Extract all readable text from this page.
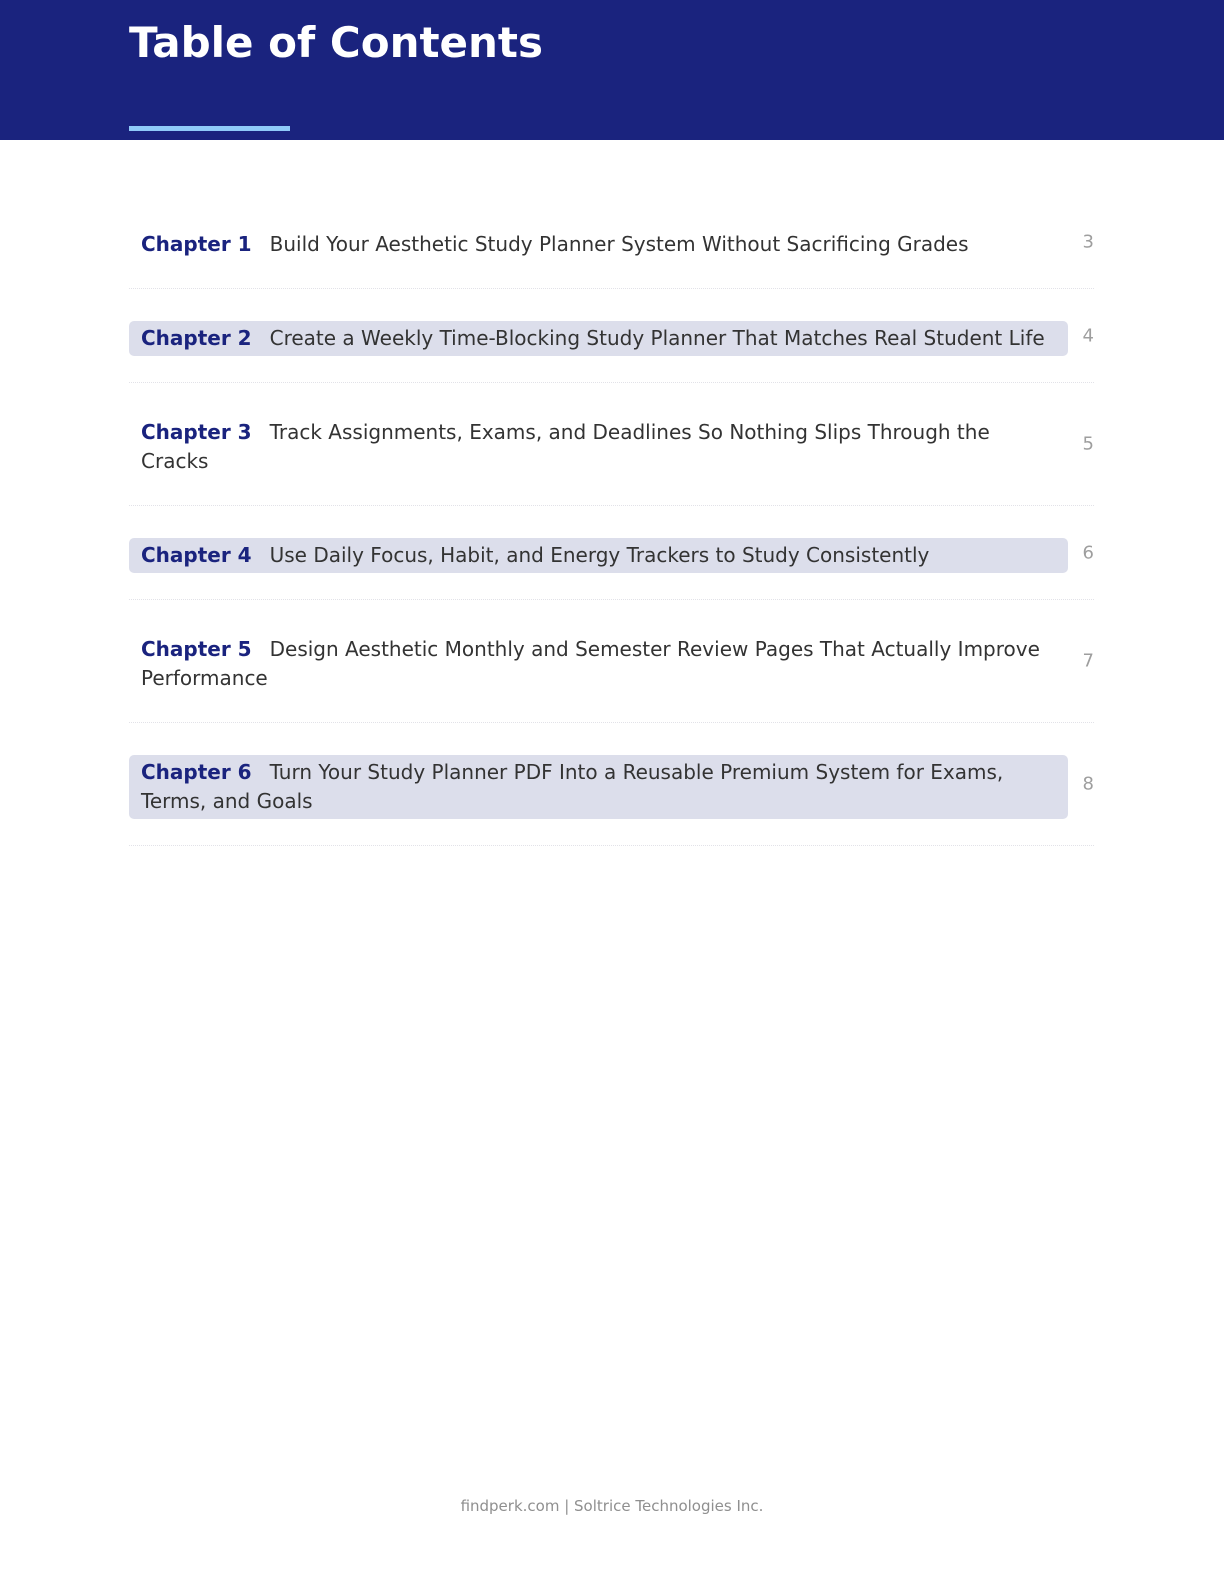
Table of Contents
Chapter 1 Build Your Aesthetic Study Planner System Without Sacrificing Grades	3
Chapter 2 Create a Weekly Time-Blocking Study Planner That Matches Real Student Life	4
Chapter 3 Track Assignments, Exams, and Deadlines So Nothing Slips Through the Cracks
5
Chapter 4 Use Daily Focus, Habit, and Energy Trackers to Study Consistently	6
Chapter 5 Design Aesthetic Monthly and Semester Review Pages That Actually Improve Performance
7
Chapter 6 Turn Your Study Planner PDF Into a Reusable Premium System for Exams, Terms, and Goals
8
findperk.com | Soltrice Technologies Inc.
